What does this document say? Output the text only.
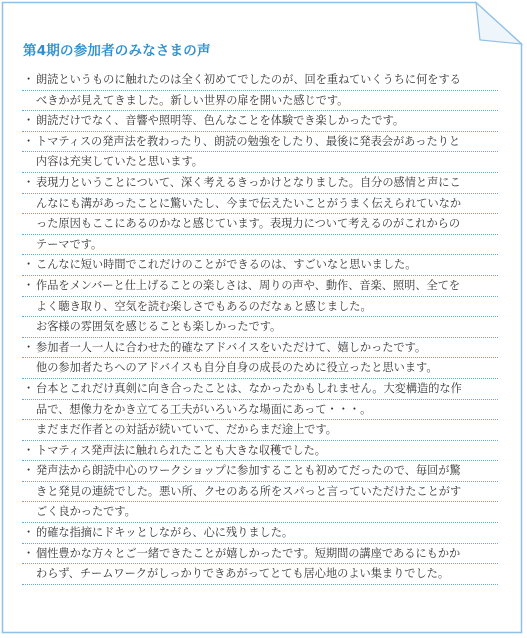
第4期の参加者のみなさまの声
・ 朗読というものに触れたのは全く初めてでしたのが、回を重ねていくうちに何をする
べきかが見えてきました。新しい世界の扉を開いた感じです。
・ 朗読だけでなく、音響や照明等、色んなことを体験でき楽しかったです。
・ トマティスの発声法を教わったり、朗読の勉強をしたり、最後に発表会があったりと
内容は充実していたと思います。
・ 表現力ということについて、深く考えるきっかけとなりました。自分の感情と声にこ
んなにも溝があったことに驚いたし、今まで伝えたいことがうまく伝えられていなか
った原因もここにあるのかなと感じています。表現力について考えるのがこれからの
テーマです。
・ こんなに短い時間でこれだけのことができるのは、すごいなと思いました。
・ 作品をメンバーと仕上げることの楽しさは、周りの声や、動作、音楽、照明、全てを
よく聴き取り、空気を読む楽しさでもあるのだなぁと感じました。
お客様の雰囲気を感じることも楽しかったです。
・ 参加者一人一人に合わせた的確なアドバイスをいただけて、嬉しかったです。
他の参加者たちへのアドバイスも自分自身の成長のために役立ったと思います。
・ 台本とこれだけ真剣に向き合ったことは、なかったかもしれません。大変構造的な作
品で、想像力をかき立てる工夫がいろいろな場面にあって・・・。
まだまだ作者との対話が続いていて、だからまだ途上です。
・ トマティス発声法に触れられたことも大きな収穫でした。
・ 発声法から朗読中心のワークショップに参加することも初めてだったので、毎回が驚
きと発見の連続でした。悪い所、クセのある所をスパっと言っていただけたことがす
ごく良かったです。
・ 的確な指摘にドキッとしながら、心に残りました。
・ 個性豊かな方々とご一緒できたことが嬉しかったです。短期間の講座であるにもかか
わらず、チームワークがしっかりできあがってとても居心地のよい集まりでした。
